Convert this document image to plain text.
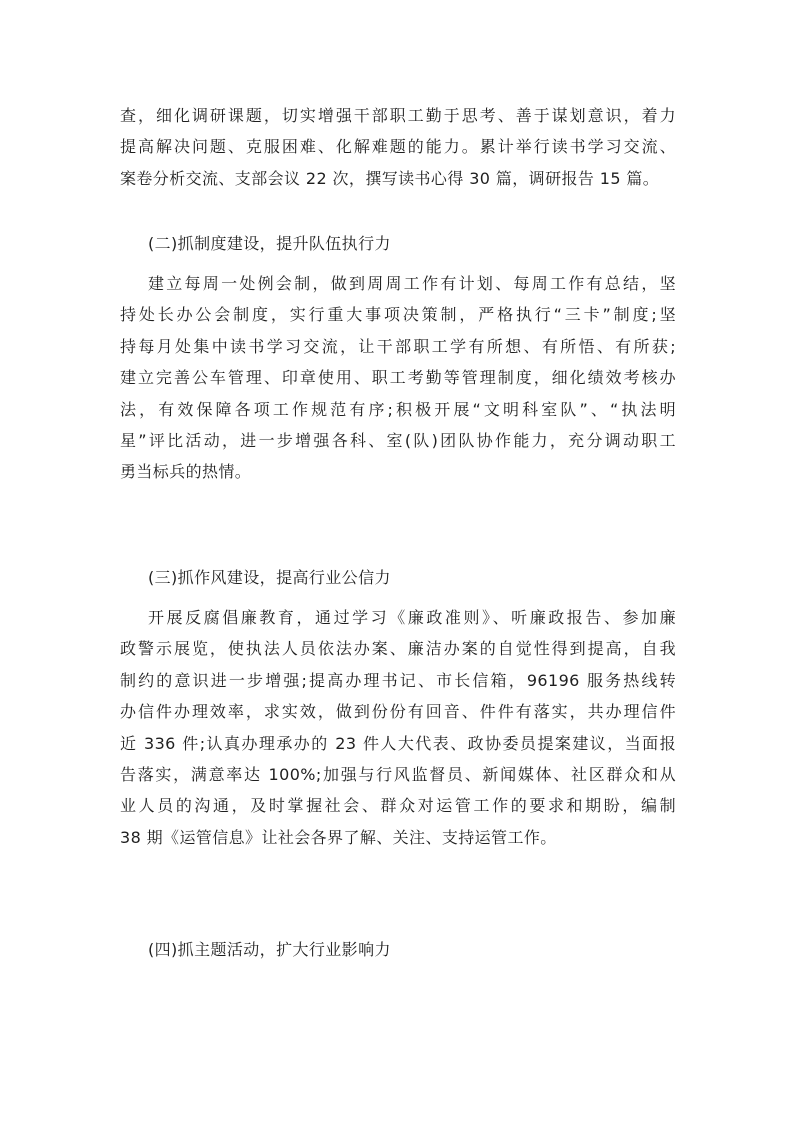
查，细化调研课题，切实增强干部职工勤于思考、善于谋划意识，着力
提高解决问题、克服困难、化解难题的能力。累计举行读书学习交流、
案卷分析交流、支部会议 22 次，撰写读书心得 30 篇，调研报告 15 篇。
(二)抓制度建设，提升队伍执行力
建立每周一处例会制，做到周周工作有计划、每周工作有总结，坚
持处长办公会制度，实行重大事项决策制，严格执行“三卡”制度;坚
持每月处集中读书学习交流，让干部职工学有所想、有所悟、有所获;
建立完善公车管理、印章使用、职工考勤等管理制度，细化绩效考核办
法，有效保障各项工作规范有序;积极开展“文明科室队”、“执法明
星”评比活动，进一步增强各科、室(队)团队协作能力，充分调动职工
勇当标兵的热情。
(三)抓作风建设，提高行业公信力
开展反腐倡廉教育，通过学习《廉政准则》、听廉政报告、参加廉
政警示展览，使执法人员依法办案、廉洁办案的自觉性得到提高，自我
制约的意识进一步增强;提高办理书记、市长信箱，96196 服务热线转
办信件办理效率，求实效，做到份份有回音、件件有落实，共办理信件
近 336 件;认真办理承办的 23 件人大代表、政协委员提案建议，当面报
告落实，满意率达 100%;加强与行风监督员、新闻媒体、社区群众和从
业人员的沟通，及时掌握社会、群众对运管工作的要求和期盼，编制
38 期《运管信息》让社会各界了解、关注、支持运管工作。
(四)抓主题活动，扩大行业影响力
